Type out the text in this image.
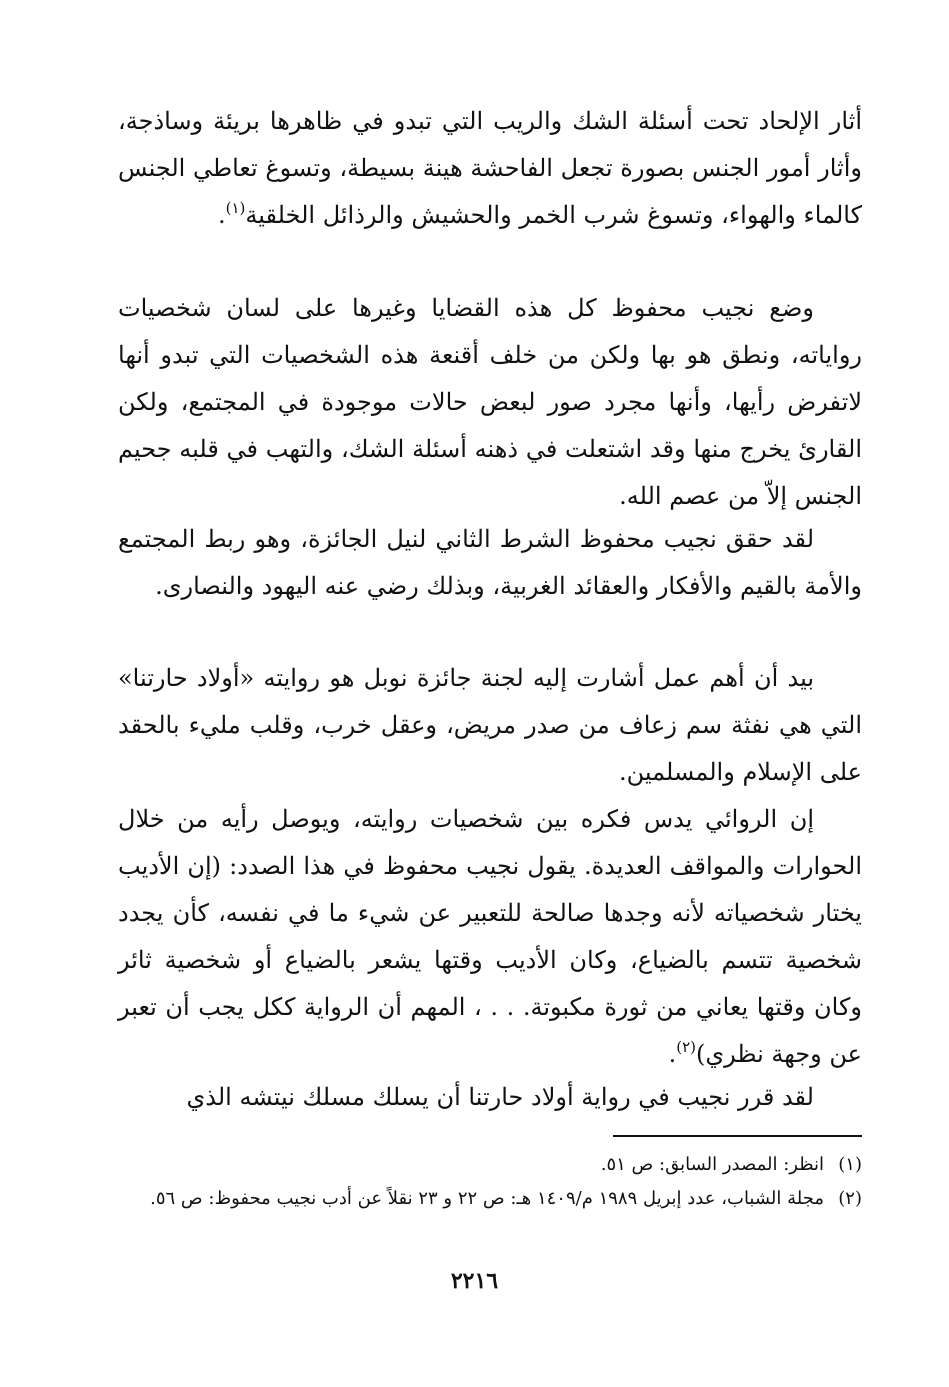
أثار الإلحاد تحت أسئلة الشك والريب التي تبدو في ظاهرها بريئة وساذجة، وأثار أمور الجنس بصورة تجعل الفاحشة هينة بسيطة، وتسوغ تعاطي الجنس كالماء والهواء، وتسوغ شرب الخمر والحشيش والرذائل الخلقية$^{(١)}$.

وضع نجيب محفوظ كل هذه القضايا وغيرها على لسان شخصيات رواياته، ونطق هو بها ولكن من خلف أقنعة هذه الشخصيات التي تبدو أنها لاتفرض رأيها، وأنها مجرد صور لبعض حالات موجودة في المجتمع، ولكن القارئ يخرج منها وقد اشتعلت في ذهنه أسئلة الشك، والتهب في قلبه جحيم الجنس إلاّ من عصم الله.

لقد حقق نجيب محفوظ الشرط الثاني لنيل الجائزة، وهو ربط المجتمع والأمة بالقيم والأفكار والعقائد الغربية، وبذلك رضي عنه اليهود والنصارى.

بيد أن أهم عمل أشارت إليه لجنة جائزة نوبل هو روايته «أولاد حارتنا» التي هي نفثة سم زعاف من صدر مريض، وعقل خرب، وقلب مليء بالحقد على الإسلام والمسلمين.

إن الروائي يدس فكره بين شخصيات روايته، ويوصل رأيه من خلال الحوارات والمواقف العديدة. يقول نجيب محفوظ في هذا الصدد: (إن الأديب يختار شخصياته لأنه وجدها صالحة للتعبير عن شيء ما في نفسه، كأن يجدد شخصية تتسم بالضياع، وكان الأديب وقتها يشعر بالضياع أو شخصية ثائر وكان وقتها يعاني من ثورة مكبوتة. . . ، المهم أن الرواية ككل يجب أن تعبر عن وجهة نظري)$^{(٢)}$.

لقد قرر نجيب في رواية أولاد حارتنا أن يسلك مسلك نيتشه الذي

(١)
انظر: المصدر السابق: ص ٥١.
(٢)
مجلة الشباب، عدد إبريل ١٩٨٩ م/١٤٠٩ هـ: ص ٢٢ و ٢٣ نقلاً عن أدب نجيب محفوظ: ص ٥٦.
٢٢١٦
